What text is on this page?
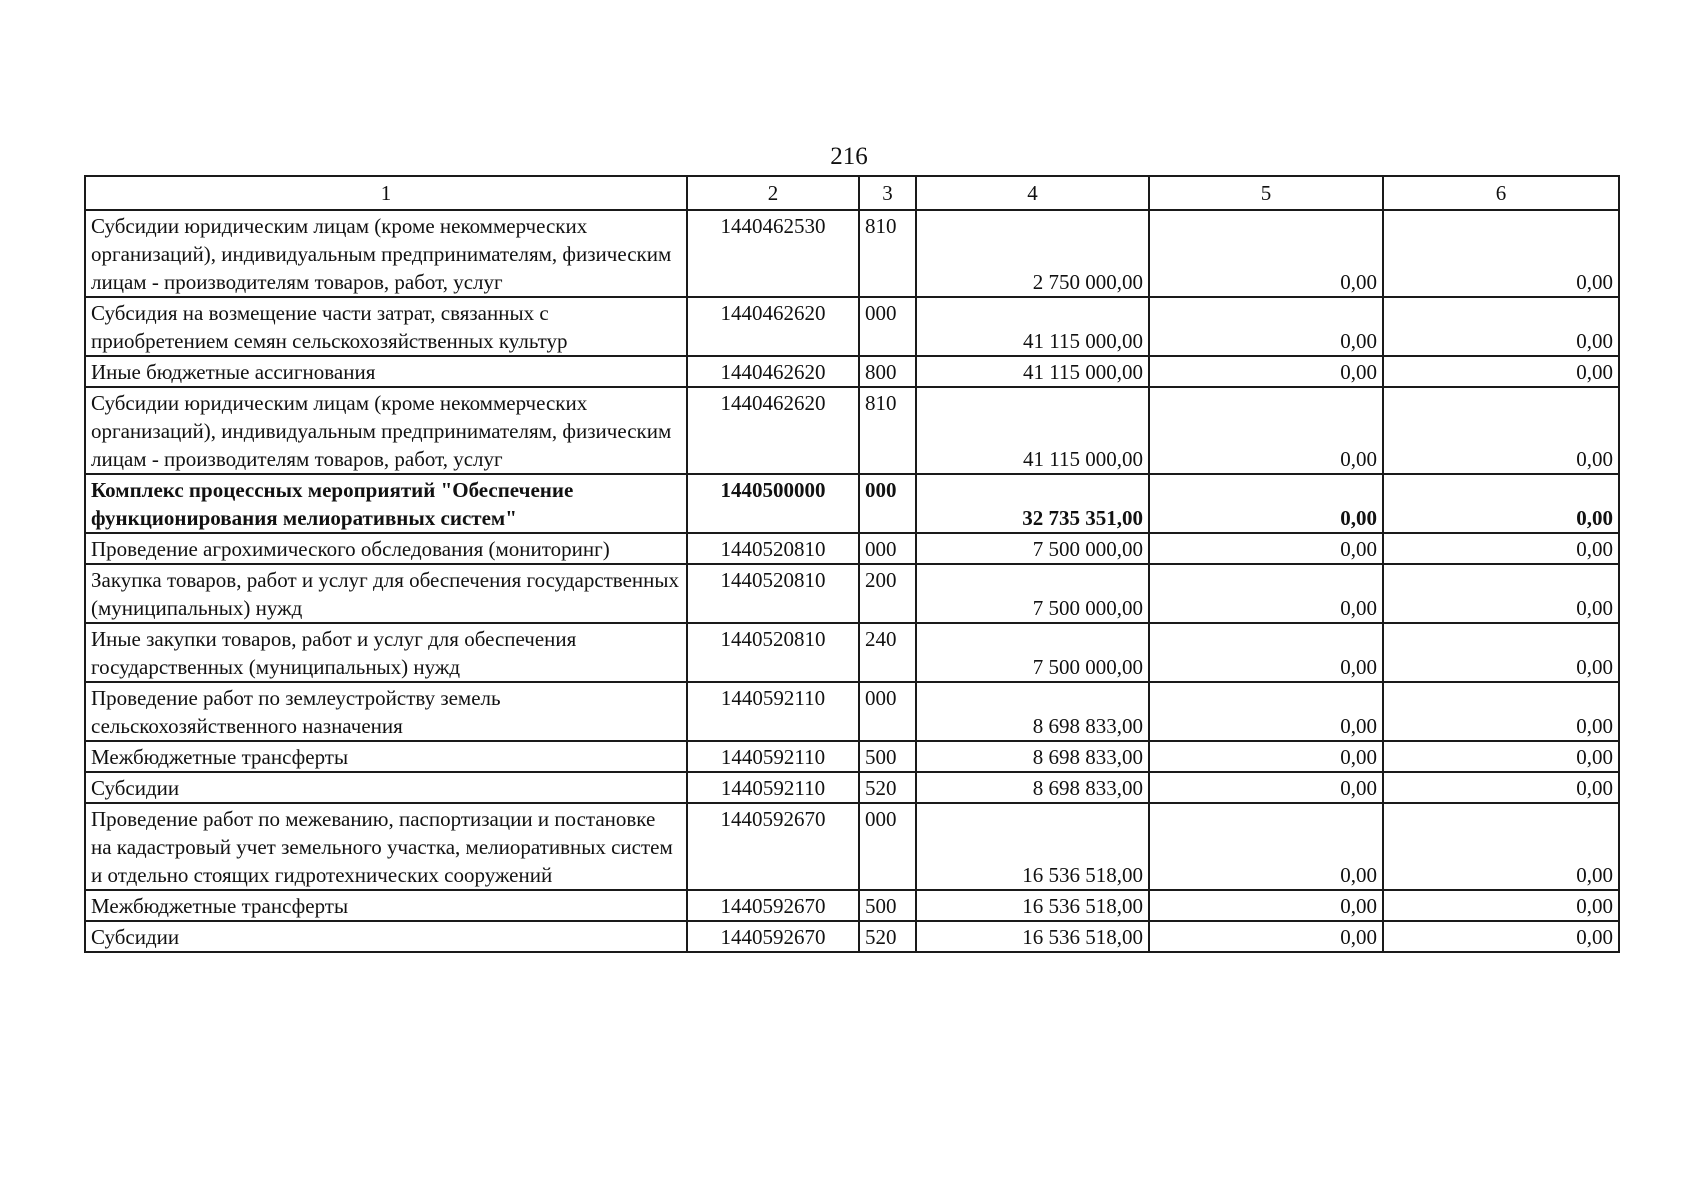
216
1	2	3	4	5	6
Субсидии юридическим лицам (кроме некоммерческих организаций), индивидуальным предпринимателям, физическим лицам - производителям товаров, работ, услуг	1440462530	810	2 750 000,00	0,00	0,00
Субсидия на возмещение части затрат, связанных с приобретением семян сельскохозяйственных культур	1440462620	000	41 115 000,00	0,00	0,00
Иные бюджетные ассигнования	1440462620	800	41 115 000,00	0,00	0,00
Субсидии юридическим лицам (кроме некоммерческих организаций), индивидуальным предпринимателям, физическим лицам - производителям товаров, работ, услуг	1440462620	810	41 115 000,00	0,00	0,00
Комплекс процессных мероприятий "Обеспечение функционирования мелиоративных систем"	1440500000	000	32 735 351,00	0,00	0,00
Проведение агрохимического обследования (мониторинг)	1440520810	000	7 500 000,00	0,00	0,00
Закупка товаров, работ и услуг для обеспечения государственных (муниципальных) нужд	1440520810	200	7 500 000,00	0,00	0,00
Иные закупки товаров, работ и услуг для обеспечения государственных (муниципальных) нужд	1440520810	240	7 500 000,00	0,00	0,00
Проведение работ по землеустройству земель сельскохозяйственного назначения	1440592110	000	8 698 833,00	0,00	0,00
Межбюджетные трансферты	1440592110	500	8 698 833,00	0,00	0,00
Субсидии	1440592110	520	8 698 833,00	0,00	0,00
Проведение работ по межеванию, паспортизации и постановке на кадастровый учет земельного участка, мелиоративных систем и отдельно стоящих гидротехнических сооружений	1440592670	000	16 536 518,00	0,00	0,00
Межбюджетные трансферты	1440592670	500	16 536 518,00	0,00	0,00
Субсидии	1440592670	520	16 536 518,00	0,00	0,00
